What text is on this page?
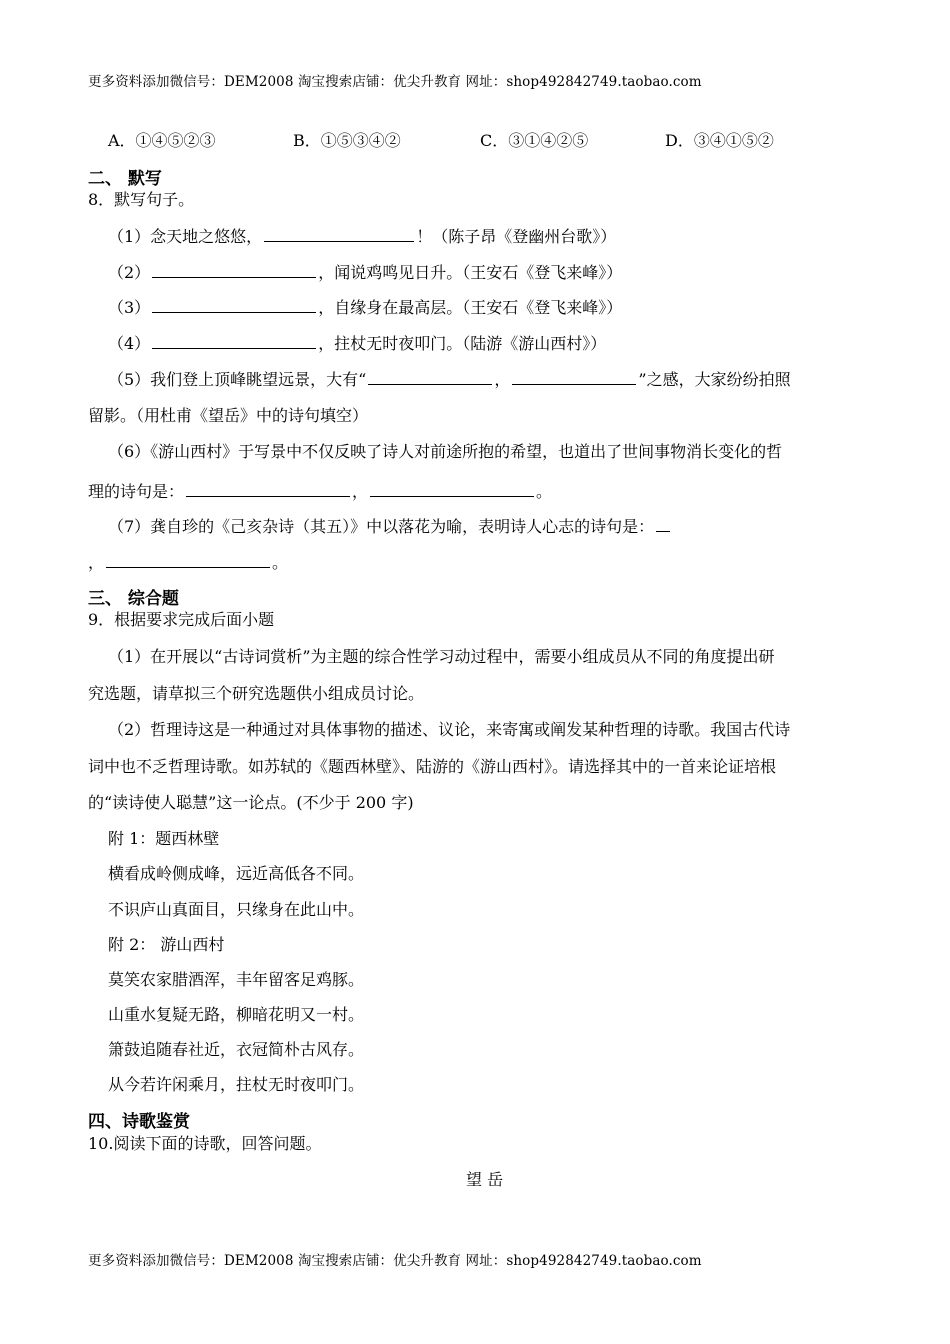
更多资料添加微信号：DEM2008 淘宝搜索店铺：优尖升教育 网址：shop492842749.taobao.com
A．①④⑤②③	B．①⑤③④②	C．③①④②⑤	D．③④①⑤②
二、 默写
8．默写句子。
（1）念天地之悠悠，	！（陈子昂《登幽州台歌》）
（2）	，闻说鸡鸣见日升。（王安石《登飞来峰》）
（3）	，自缘身在最高层。（王安石《登飞来峰》）
（4）	，拄杖无时夜叩门。（陆游《游山西村》）
（5）我们登上顶峰眺望远景，大有“	，	”之感，大家纷纷拍照
留影。（用杜甫《望岳》中的诗句填空）
（6）《游山西村》于写景中不仅反映了诗人对前途所抱的希望，也道出了世间事物消长变化的哲
理的诗句是：	，	。
（7）龚自珍的《己亥杂诗（其五）》中以落花为喻，表明诗人心志的诗句是：
，	。
三、 综合题
9．根据要求完成后面小题
（1）在开展以“古诗词赏析”为主题的综合性学习动过程中，需要小组成员从不同的角度提出研
究选题，请草拟三个研究选题供小组成员讨论。
（2）哲理诗这是一种通过对具体事物的描述、议论，来寄寓或阐发某种哲理的诗歌。我国古代诗
词中也不乏哲理诗歌。如苏轼的《题西林壁》、陆游的《游山西村》。请选择其中的一首来论证培根
的“读诗使人聪慧”这一论点。(不少于 200 字)
附 1：题西林壁
横看成岭侧成峰，远近高低各不同。
不识庐山真面目，只缘身在此山中。
附 2： 游山西村
莫笑农家腊酒浑，丰年留客足鸡豚。
山重水复疑无路，柳暗花明又一村。
箫鼓追随春社近，衣冠简朴古风存。
从今若许闲乘月，拄杖无时夜叩门。
四、诗歌鉴赏
10.阅读下面的诗歌，回答问题。
望 岳
更多资料添加微信号：DEM2008 淘宝搜索店铺：优尖升教育 网址：shop492842749.taobao.com
